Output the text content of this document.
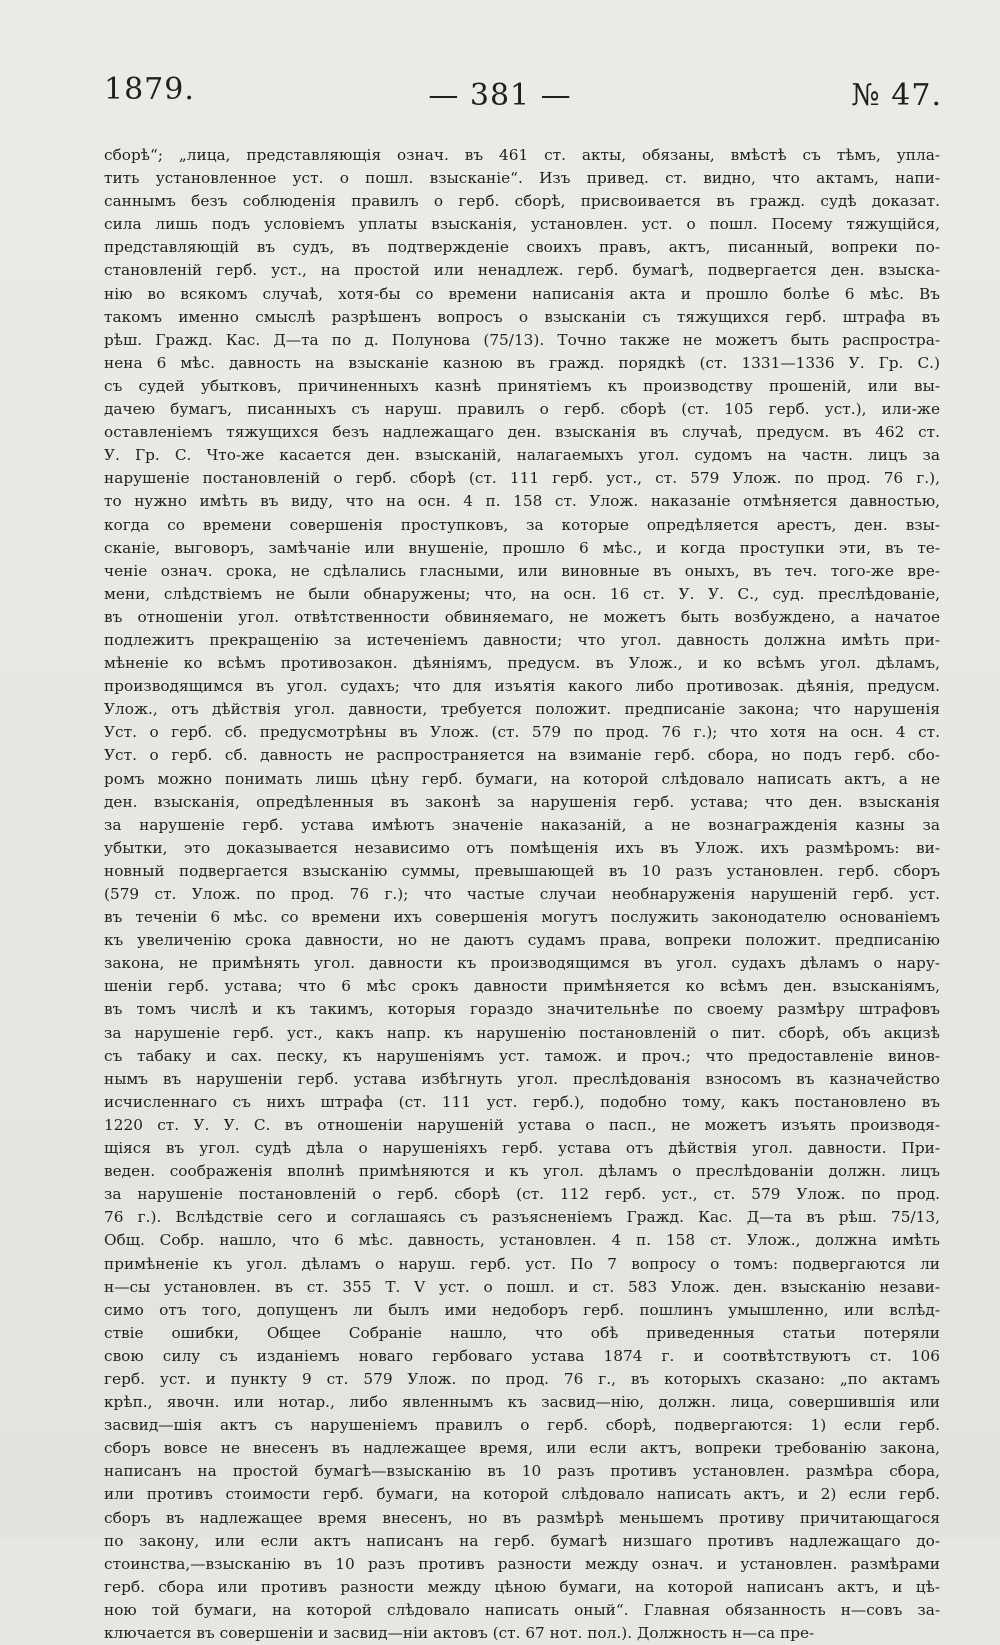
1879.	— 381 —	№ 47.
сборѣ“; „лица, представляющія означ. въ 461 ст. акты, обязаны, вмѣстѣ съ тѣмъ, упла-
тить установленное уст. о пошл. взысканіе“. Изъ привед. ст. видно, что актамъ, напи-
саннымъ безъ соблюденія правилъ о герб. сборѣ, присвоивается въ гражд. судѣ доказат.
сила лишь подъ условіемъ уплаты взысканія, установлен. уст. о пошл. Посему тяжущійся,
представляющій въ судъ, въ подтвержденіе своихъ правъ, актъ, писанный, вопреки по-
становленій герб. уст., на простой или ненадлеж. герб. бумагѣ, подвергается ден. взыска-
нію во всякомъ случаѣ, хотя-бы со времени написанія акта и прошло болѣе 6 мѣс. Въ
такомъ именно смыслѣ разрѣшенъ вопросъ о взысканіи съ тяжущихся герб. штрафа въ
рѣш. Гражд. Кас. Д—та по д. Полунова (75/13). Точно также не можетъ быть распростра-
нена 6 мѣс. давность на взысканіе казною въ гражд. порядкѣ (ст. 1331—1336 У. Гр. С.)
съ судей убытковъ, причиненныхъ казнѣ принятіемъ къ производству прошеній, или вы-
дачею бумагъ, писанныхъ съ наруш. правилъ о герб. сборѣ (ст. 105 герб. уст.), или-же
оставленіемъ тяжущихся безъ надлежащаго ден. взысканія въ случаѣ, предусм. въ 462 ст.
У. Гр. С. Что-же касается ден. взысканій, налагаемыхъ угол. судомъ на частн. лицъ за
нарушеніе постановленій о герб. сборѣ (ст. 111 герб. уст., ст. 579 Улож. по прод. 76 г.),
то нужно имѣть въ виду, что на осн. 4 п. 158 ст. Улож. наказаніе отмѣняется давностью,
когда со времени совершенія проступковъ, за которые опредѣляется арестъ, ден. взы-
сканіе, выговоръ, замѣчаніе или внушеніе, прошло 6 мѣс., и когда проступки эти, въ те-
ченіе означ. срока, не сдѣлались гласными, или виновные въ оныхъ, въ теч. того-же вре-
мени, слѣдствіемъ не были обнаружены; что, на осн. 16 ст. У. У. С., суд. преслѣдованіе,
въ отношеніи угол. отвѣтственности обвиняемаго, не можетъ быть возбуждено, а начатое
подлежитъ прекращенію за истеченіемъ давности; что угол. давность должна имѣть при-
мѣненіе ко всѣмъ противозакон. дѣяніямъ, предусм. въ Улож., и ко всѣмъ угол. дѣламъ,
производящимся въ угол. судахъ; что для изъятія какого либо противозак. дѣянія, предусм.
Улож., отъ дѣйствія угол. давности, требуется положит. предписаніе закона; что нарушенія
Уст. о герб. сб. предусмотрѣны въ Улож. (ст. 579 по прод. 76 г.); что хотя на осн. 4 ст.
Уст. о герб. сб. давность не распространяется на взиманіе герб. сбора, но подъ герб. сбо-
ромъ можно понимать лишь цѣну герб. бумаги, на которой слѣдовало написать актъ, а не
ден. взысканія, опредѣленныя въ законѣ за нарушенія герб. устава; что ден. взысканія
за нарушеніе герб. устава имѣютъ значеніе наказаній, а не вознагражденія казны за
убытки, это доказывается независимо отъ помѣщенія ихъ въ Улож. ихъ размѣромъ: ви-
новный подвергается взысканію суммы, превышающей въ 10 разъ установлен. герб. сборъ
(579 ст. Улож. по прод. 76 г.); что частые случаи необнаруженія нарушеній герб. уст.
въ теченіи 6 мѣс. со времени ихъ совершенія могутъ послужить законодателю основаніемъ
къ увеличенію срока давности, но не даютъ судамъ права, вопреки положит. предписанію
закона, не примѣнять угол. давности къ производящимся въ угол. судахъ дѣламъ о нару-
шеніи герб. устава; что 6 мѣс срокъ давности примѣняется ко всѣмъ ден. взысканіямъ,
въ томъ числѣ и къ такимъ, которыя гораздо значительнѣе по своему размѣру штрафовъ
за нарушеніе герб. уст., какъ напр. къ нарушенію постановленій о пит. сборѣ, объ акцизѣ
съ табаку и сах. песку, къ нарушеніямъ уст. тамож. и проч.; что предоставленіе винов-
нымъ въ нарушеніи герб. устава избѣгнуть угол. преслѣдованія взносомъ въ казначейство
исчисленнаго съ нихъ штрафа (ст. 111 уст. герб.), подобно тому, какъ постановлено въ
1220 ст. У. У. С. въ отношеніи нарушеній устава о пасп., не можетъ изъять производя-
щіяся въ угол. судѣ дѣла о нарушеніяхъ герб. устава отъ дѣйствія угол. давности. При-
веден. соображенія вполнѣ примѣняются и къ угол. дѣламъ о преслѣдованіи должн. лицъ
за нарушеніе постановленій о герб. сборѣ (ст. 112 герб. уст., ст. 579 Улож. по прод.
76 г.). Вслѣдствіе сего и соглашаясь съ разъясненіемъ Гражд. Кас. Д—та въ рѣш. 75/13,
Общ. Собр. нашло, что 6 мѣс. давность, установлен. 4 п. 158 ст. Улож., должна имѣть
примѣненіе къ угол. дѣламъ о наруш. герб. уст. По 7 вопросу о томъ: подвергаются ли
н—сы установлен. въ ст. 355 Т. V уст. о пошл. и ст. 583 Улож. ден. взысканію незави-
симо отъ того, допущенъ ли былъ ими недоборъ герб. пошлинъ умышленно, или вслѣд-
ствіе ошибки, Общее Собраніе нашло, что обѣ приведенныя статьи потеряли
свою силу съ изданіемъ новаго гербоваго устава 1874 г. и соотвѣтствуютъ ст. 106
герб. уст. и пункту 9 ст. 579 Улож. по прод. 76 г., въ которыхъ сказано: „по актамъ
крѣп., явочн. или нотар., либо явленнымъ къ засвид—нію, должн. лица, совершившія или
засвид—шія актъ съ нарушеніемъ правилъ о герб. сборѣ, подвергаются: 1) если герб.
сборъ вовсе не внесенъ въ надлежащее время, или если актъ, вопреки требованію закона,
написанъ на простой бумагѣ—взысканію въ 10 разъ противъ установлен. размѣра сбора,
или противъ стоимости герб. бумаги, на которой слѣдовало написать актъ, и 2) если герб.
сборъ въ надлежащее время внесенъ, но въ размѣрѣ меньшемъ противу причитающагося
по закону, или если актъ написанъ на герб. бумагѣ низшаго противъ надлежащаго до-
стоинства,—взысканію въ 10 разъ противъ разности между означ. и установлен. размѣрами
герб. сбора или противъ разности между цѣною бумаги, на которой написанъ актъ, и цѣ-
ною той бумаги, на которой слѣдовало написать оный“. Главная обязанность н—совъ за-
ключается въ совершеніи и засвид—ніи актовъ (ст. 67 нот. пол.). Должность н—са пре-
